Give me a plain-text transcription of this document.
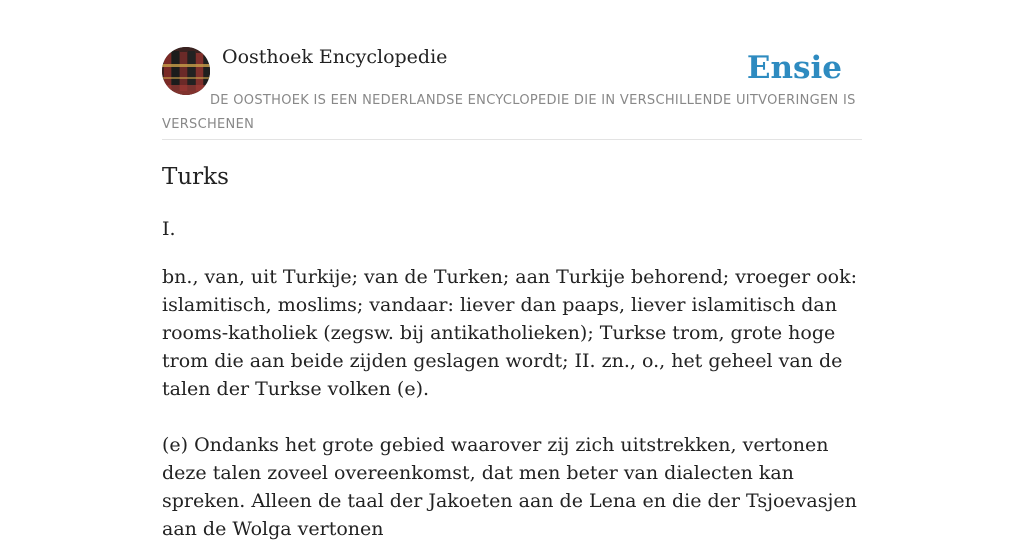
Oosthoek Encyclopedie	Ensie
DE OOSTHOEK IS EEN NEDERLANDSE ENCYCLOPEDIE DIE IN VERSCHILLENDE UITVOERINGEN IS VERSCHENEN
Turks
I.

bn., van, uit Turkije; van de Turken; aan Turkije behorend; vroeger ook: islamitisch, moslims; vandaar: liever dan paaps, liever islamitisch dan rooms-katholiek (zegsw. bij antikatholieken); Turkse trom, grote hoge trom die aan beide zijden geslagen wordt; II. zn., o., het geheel van de talen der Turkse volken (e).

(e) Ondanks het grote gebied waarover zij zich uitstrekken, vertonen deze talen zoveel overeenkomst, dat men beter van dialecten kan spreken. Alleen de taal der Jakoeten aan de Lena en die der Tsjoevasjen aan de Wolga vertonen
